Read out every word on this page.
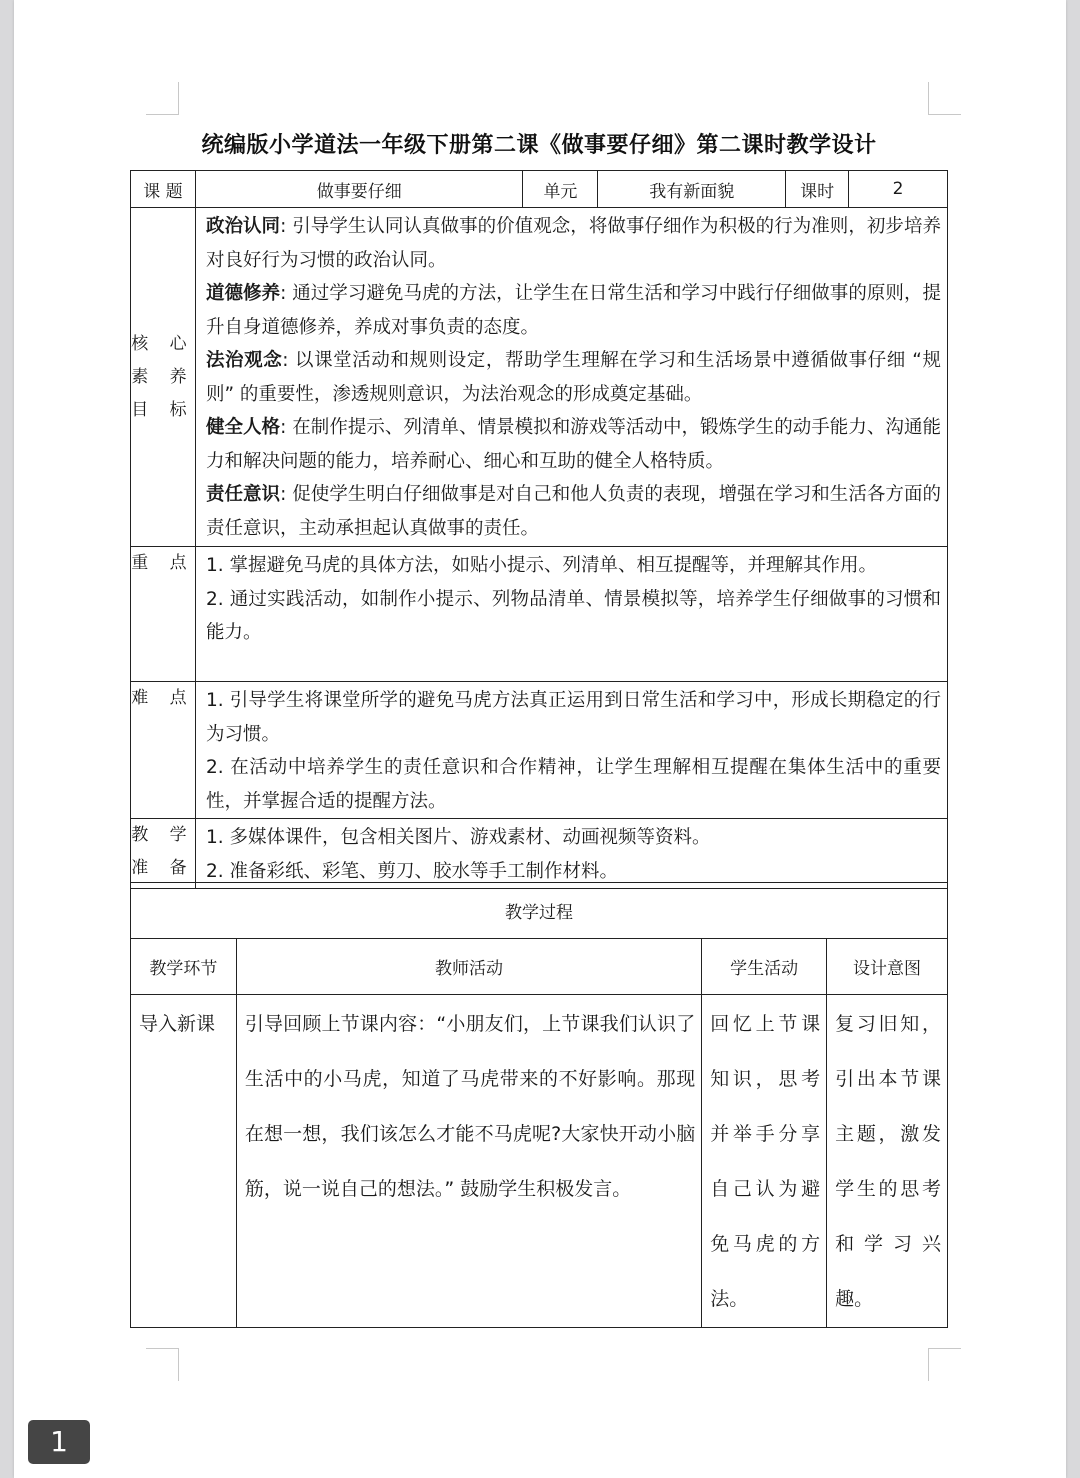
统编版小学道法一年级下册第二课《做事要仔细》第二课时教学设计
课 题	做事要仔细	单元	我有新面貌	课时	2
核 心 素 养 目 标	政治认同: 引导学生认同认真做事的价值观念，将做事仔细作为积极的行为准则，初步培养对良好行为习惯的政治认同。

道德修养: 通过学习避免马虎的方法，让学生在日常生活和学习中践行仔细做事的原则，提升自身道德修养，养成对事负责的态度。

法治观念: 以课堂活动和规则设定，帮助学生理解在学习和生活场景中遵循做事仔细 “规则” 的重要性，渗透规则意识，为法治观念的形成奠定基础。

健全人格: 在制作提示、列清单、情景模拟和游戏等活动中，锻炼学生的动手能力、沟通能力和解决问题的能力，培养耐心、细心和互助的健全人格特质。

责任意识: 促使学生明白仔细做事是对自己和他人负责的表现，增强在学习和生活各方面的责任意识，主动承担起认真做事的责任。				

重 点	1. 掌握避免马虎的具体方法，如贴小提示、列清单、相互提醒等，并理解其作用。

2. 通过实践活动，如制作小提示、列物品清单、情景模拟等，培养学生仔细做事的习惯和能力。				

难 点	1. 引导学生将课堂所学的避免马虎方法真正运用到日常生活和学习中，形成长期稳定的行为习惯。

2. 在活动中培养学生的责任意识和合作精神，让学生理解相互提醒在集体生活中的重要性，并掌握合适的提醒方法。				

教 学 准 备	1. 多媒体课件，包含相关图片、游戏素材、动画视频等资料。

2. 准备彩纸、彩笔、剪刀、胶水等手工制作材料。				

教学过程			
教学环节	教师活动	学生活动	设计意图
导入新课	引导回顾上节课内容：“小朋友们，上节课我们认识了生活中的小马虎，知道了马虎带来的不好影响。那现在想一想，我们该怎么才能不马虎呢?大家快开动小脑筋，说一说自己的想法。” 鼓励学生积极发言。	回忆上节课知识，思考并举手分享自己认为避免马虎的方法。	复习旧知，引出本节课主题，激发学生的思考和学习兴趣。
1
